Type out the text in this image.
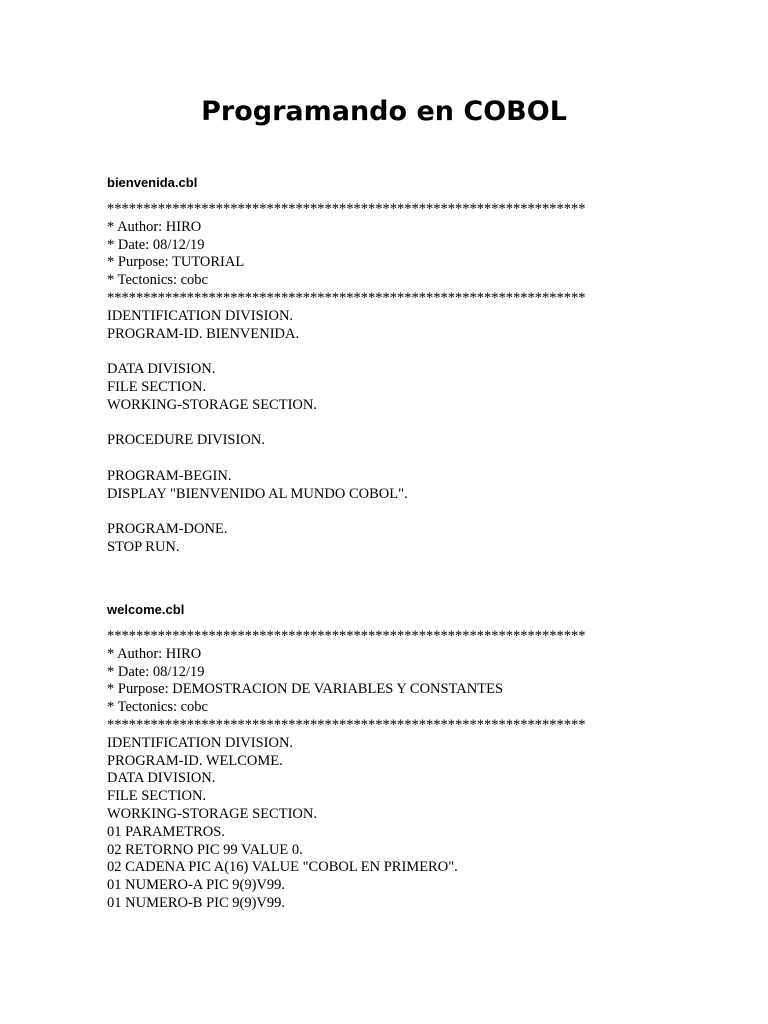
Programando en COBOL
bienvenida.cbl
******************************************************************
* Author: HIRO
* Date: 08/12/19
* Purpose: TUTORIAL
* Tectonics: cobc
******************************************************************
IDENTIFICATION DIVISION.
PROGRAM-ID. BIENVENIDA.
DATA DIVISION.
FILE SECTION.
WORKING-STORAGE SECTION.
PROCEDURE DIVISION.
PROGRAM-BEGIN.
DISPLAY "BIENVENIDO AL MUNDO COBOL".
PROGRAM-DONE.
STOP RUN.
welcome.cbl
******************************************************************
* Author: HIRO
* Date: 08/12/19
* Purpose: DEMOSTRACION DE VARIABLES Y CONSTANTES
* Tectonics: cobc
******************************************************************
IDENTIFICATION DIVISION.
PROGRAM-ID. WELCOME.
DATA DIVISION.
FILE SECTION.
WORKING-STORAGE SECTION.
01 PARAMETROS.
02 RETORNO PIC 99 VALUE 0.
02 CADENA PIC A(16) VALUE "COBOL EN PRIMERO".
01 NUMERO-A PIC 9(9)V99.
01 NUMERO-B PIC 9(9)V99.
